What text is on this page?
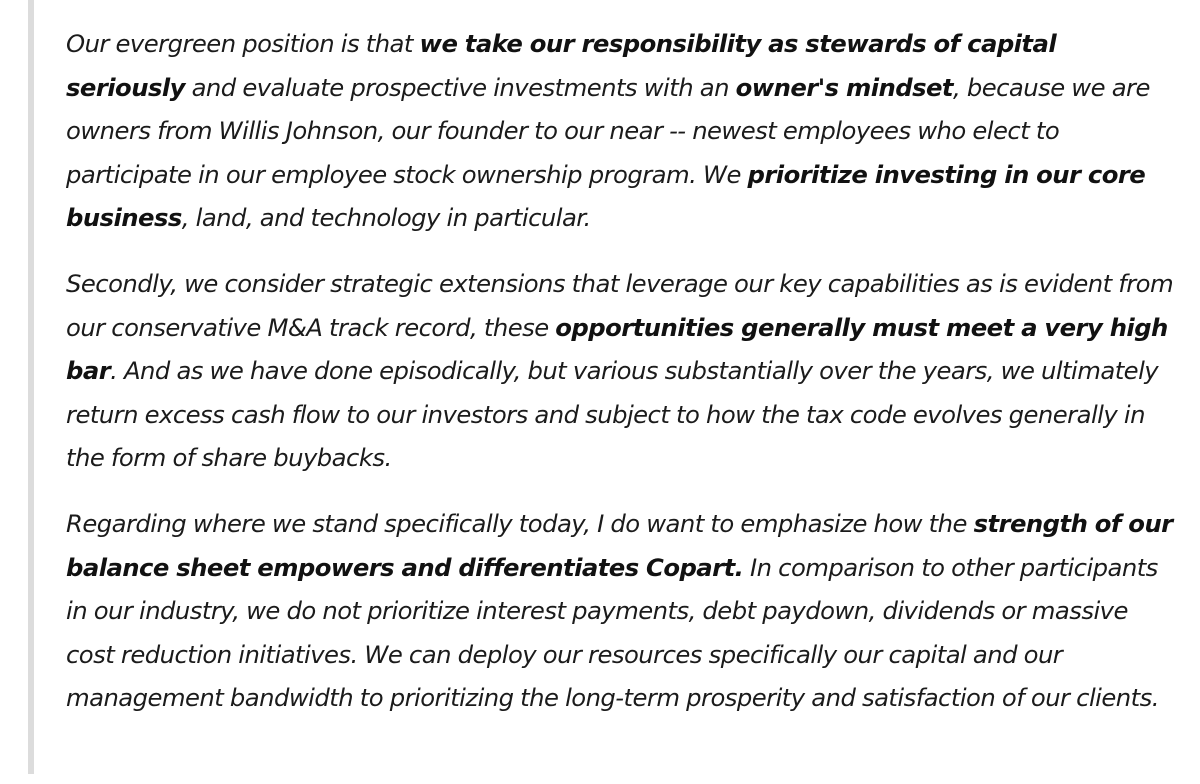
Our evergreen position is that we take our responsibility as stewards of capital seriously and evaluate prospective investments with an owner's mindset, because we are owners from Willis Johnson, our founder to our near -- newest employees who elect to participate in our employee stock ownership program. We prioritize investing in our core business, land, and technology in particular.

Secondly, we consider strategic extensions that leverage our key capabilities as is evident from our conservative M&A track record, these opportunities generally must meet a very high bar. And as we have done episodically, but various substantially over the years, we ultimately return excess cash flow to our investors and subject to how the tax code evolves generally in the form of share buybacks.

Regarding where we stand specifically today, I do want to emphasize how the strength of our balance sheet empowers and differentiates Copart. In comparison to other participants in our industry, we do not prioritize interest payments, debt paydown, dividends or massive cost reduction initiatives. We can deploy our resources specifically our capital and our management bandwidth to prioritizing the long-term prosperity and satisfaction of our clients.
